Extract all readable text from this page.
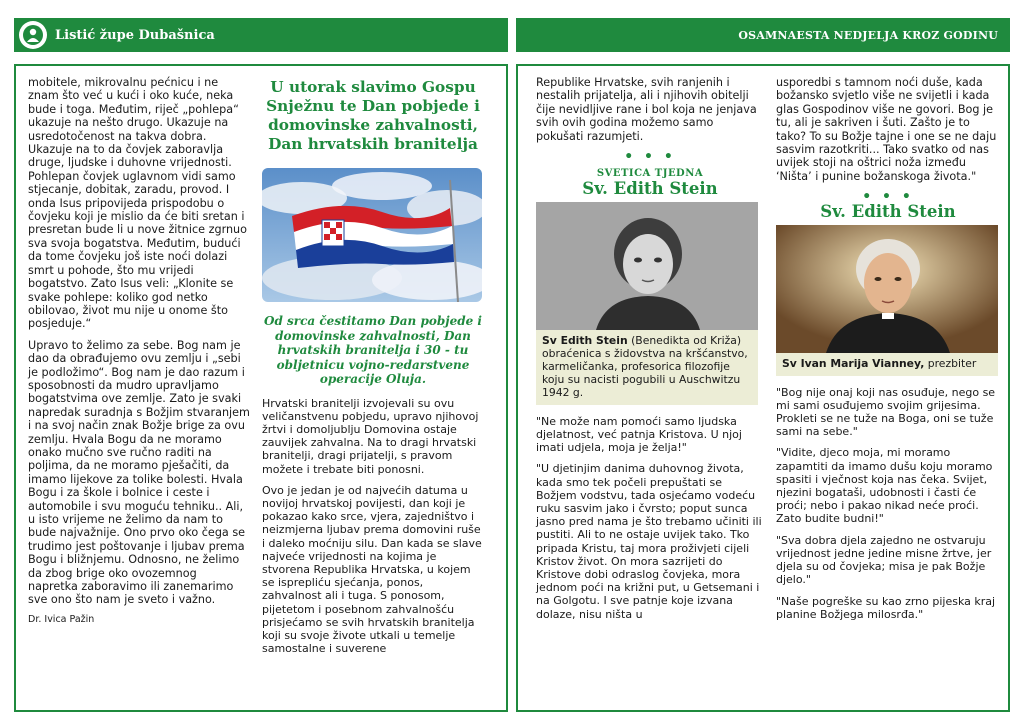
Listić župe Dubašnica	OSAMNAESTA NEDJELJA KROZ GODINU

mobitele, mikrovalnu pećnicu i ne znam što već u kući i oko kuće, neka bude i toga. Međutim, riječ „pohlepa“ ukazuje na nešto drugo. Ukazuje na usredotočenost na takva dobra. Ukazuje na to da čovjek zaboravlja druge, ljudske i duhovne vrijednosti. Pohlepan čovjek uglavnom vidi samo stjecanje, dobitak, zaradu, provod. I onda Isus pripovijeda prispodobu o čovjeku koji je mislio da će biti sretan i presretan bude li u nove žitnice zgrnuo sva svoja bogatstva. Međutim, budući da tome čovjeku još iste noći dolazi smrt u pohode, što mu vrijedi bogatstvo. Zato Isus veli: „Klonite se svake pohlepe: koliko god netko obilovao, život mu nije u onome što posjeduje.“

Upravo to želimo za sebe. Bog nam je dao da obrađujemo ovu zemlju i „sebi je podložimo“. Bog nam je dao razum i sposobnosti da mudro upravljamo bogatstvima ove zemlje. Zato je svaki napredak suradnja s Božjim stvaranjem i na svoj način znak Božje brige za ovu zemlju. Hvala Bogu da ne moramo onako mučno sve ručno raditi na poljima, da ne moramo pješačiti, da imamo lijekove za tolike bolesti. Hvala Bogu i za škole i bolnice i ceste i automobile i svu moguću tehniku.. Ali, u isto vrijeme ne želimo da nam to bude najvažnije. Ono prvo oko čega se trudimo jest poštovanje i ljubav prema Bogu i bližnjemu. Odnosno, ne želimo da zbog brige oko ovozemnog napretka zaboravimo ili zanemarimo sve ono što nam je sveto i važno.

Dr. Ivica Pažin
U utorak slavimo Gospu Snježnu te Dan pobjede i domovinske zahvalnosti, Dan hrvatskih branitelja
Od srca čestitamo Dan pobjede i domovinske zahvalnosti, Dan hrvatskih branitelja i 30 - tu obljetnicu vojno-redarstvene operacije Oluja.

Hrvatski branitelji izvojevali su ovu veličanstvenu pobjedu, upravo njihovoj žrtvi i domoljublju Domovina ostaje zauvijek zahvalna. Na to dragi hrvatski branitelji, dragi prijatelji, s pravom možete i trebate biti ponosni.

Ovo je jedan je od najvećih datuma u novijoj hrvatskoj povijesti, dan koji je pokazao kako srce, vjera, zajedništvo i neizmjerna ljubav prema domovini ruše i daleko moćniju silu. Dan kada se slave najveće vrijednosti na kojima je stvorena Republika Hrvatska, u kojem se isprepliću sjećanja, ponos, zahvalnost ali i tuga. S ponosom, pijetetom i posebnom zahvalnošću prisjećamo se svih hrvatskih branitelja koji su svoje živote utkali u temelje samostalne i suverene

Republike Hrvatske, svih ranjenih i nestalih prijatelja, ali i njihovih obitelji čije nevidljive rane i bol koja ne jenjava svih ovih godina možemo samo pokušati razumjeti.

• • •
SVETICA TJEDNA
Sv. Edith Stein
Sv Edith Stein (Benedikta od Križa) obraćenica s židovstva na kršćanstvo, karmeličanka, profesorica filozofije koju su nacisti pogubili u Auschwitzu 1942 g.

"Ne može nam pomoći samo ljudska djelatnost, već patnja Kristova. U njoj imati udjela, moja je želja!"

"U djetinjim danima duhovnog života, kada smo tek počeli prepuštati se Božjem vodstvu, tada osjećamo vodeću ruku sasvim jako i čvrsto; poput sunca jasno pred nama je što trebamo učiniti ili pustiti. Ali to ne ostaje uvijek tako. Tko pripada Kristu, taj mora proživjeti cijeli Kristov život. On mora sazrijeti do Kristove dobi odraslog čovjeka, mora jednom poći na križni put, u Getsemani i na Golgotu. I sve patnje koje izvana dolaze, nisu ništa u

usporedbi s tamnom noći duše, kada božansko svjetlo više ne svijetli i kada glas Gospodinov više ne govori. Bog je tu, ali je sakriven i šuti. Zašto je to tako? To su Božje tajne i one se ne daju sasvim razotkriti... Tako svatko od nas uvijek stoji na oštrici noža između ‘Ništa’ i punine božanskoga života."

• • •
Sv. Edith Stein
Sv Ivan Marija Vianney, prezbiter

"Bog nije onaj koji nas osuđuje, nego se mi sami osuđujemo svojim grijesima. Prokleti se ne tuže na Boga, oni se tuže sami na sebe."

"Vidite, djeco moja, mi moramo zapamtiti da imamo dušu koju moramo spasiti i vječnost koja nas čeka. Svijet, njezini bogataši, udobnosti i časti će proći; nebo i pakao nikad neće proći. Zato budite budni!"

"Sva dobra djela zajedno ne ostvaruju vrijednost jedne jedine misne žrtve, jer djela su od čovjeka; misa je pak Božje djelo."

"Naše pogreške su kao zrno pijeska kraj planine Božjega milosrđa."
